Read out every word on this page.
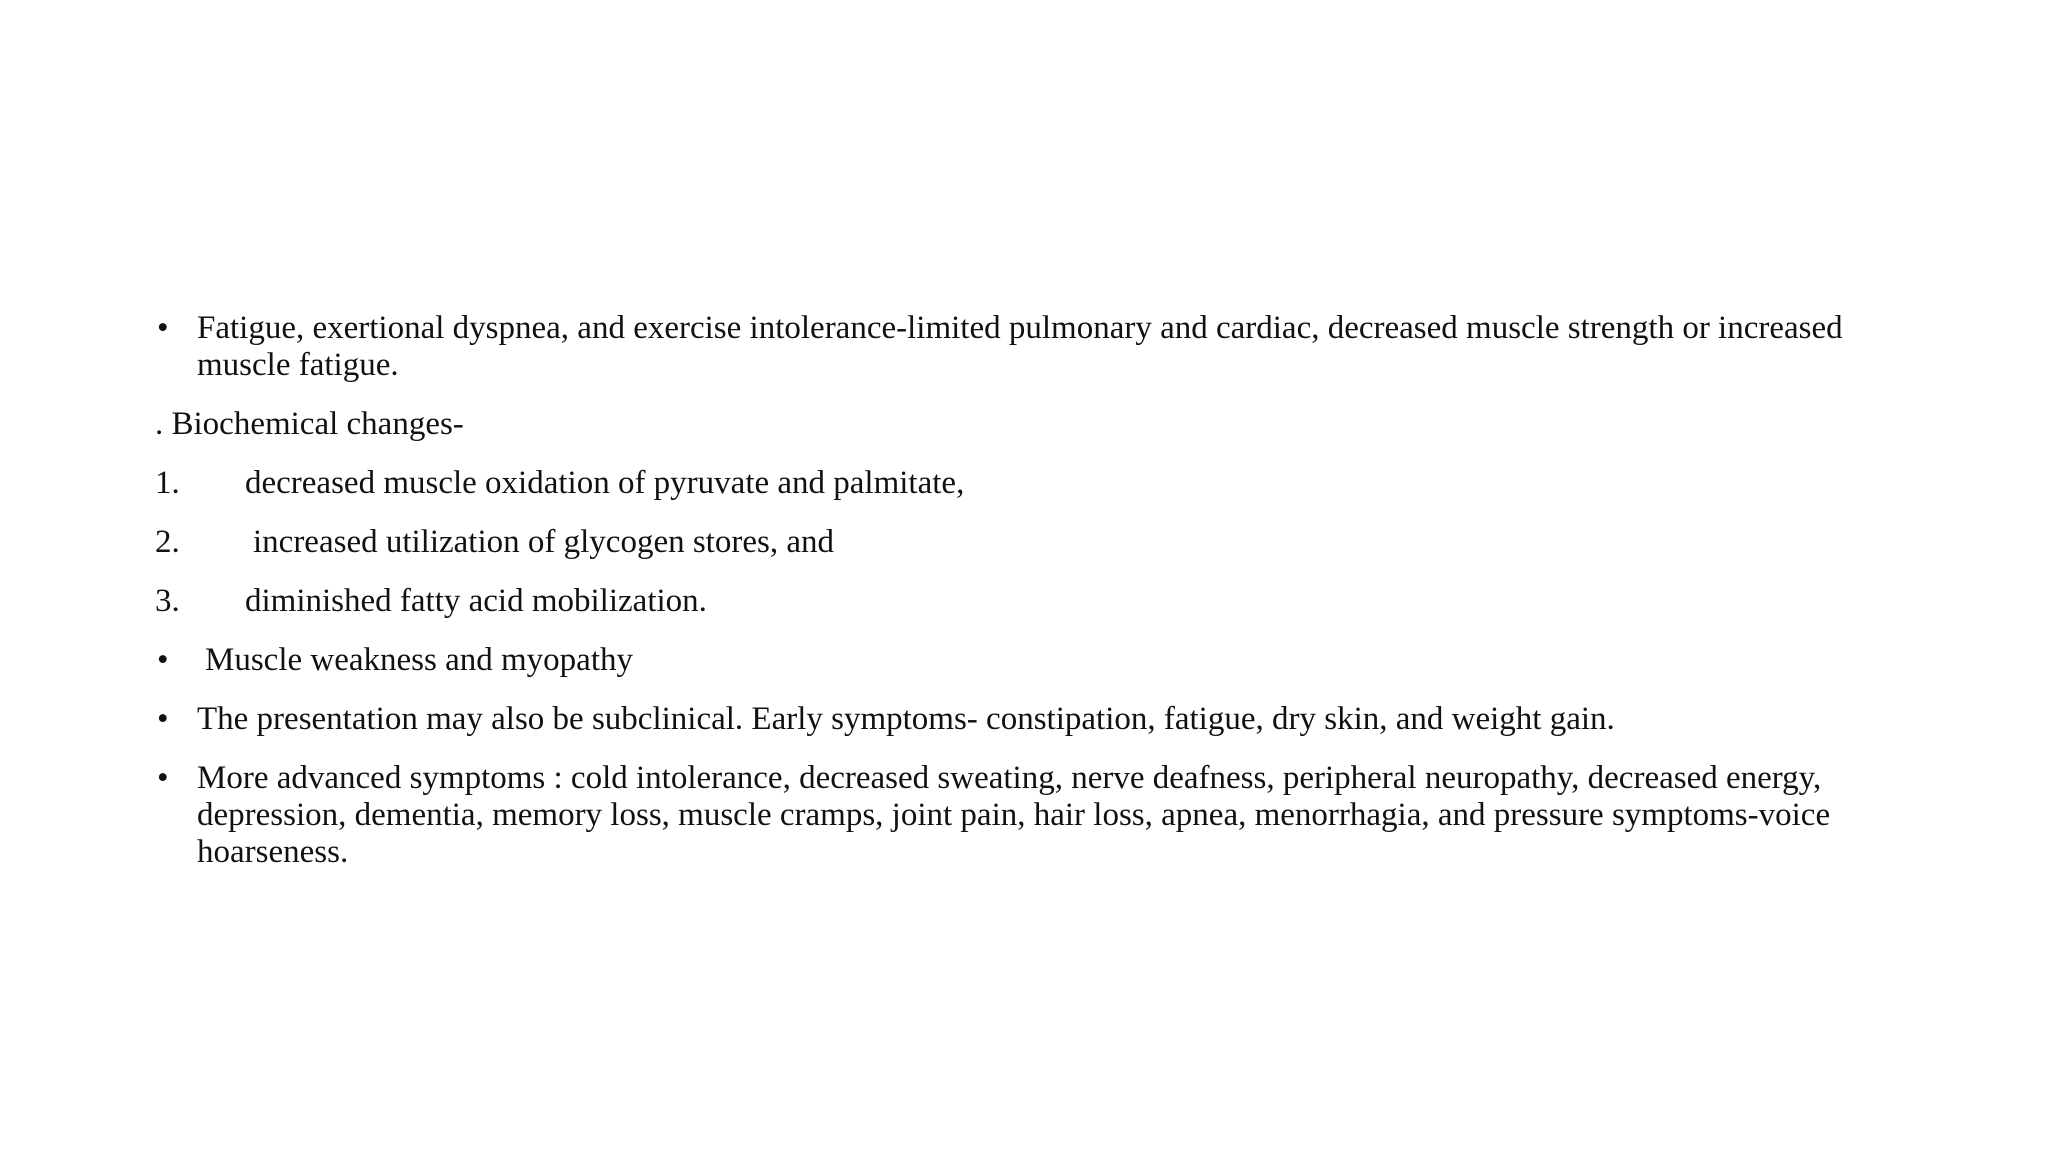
• Fatigue, exertional dyspnea, and exercise intolerance-limited pulmonary and cardiac, decreased muscle strength or increased muscle fatigue.
. Biochemical changes-
1. decreased muscle oxidation of pyruvate and palmitate,
2. increased utilization of glycogen stores, and
3. diminished fatty acid mobilization.
• Muscle weakness and myopathy
• The presentation may also be subclinical. Early symptoms- constipation, fatigue, dry skin, and weight gain.
• More advanced symptoms : cold intolerance, decreased sweating, nerve deafness, peripheral neuropathy, decreased energy, depression, dementia, memory loss, muscle cramps, joint pain, hair loss, apnea, menorrhagia, and pressure symptoms-voice hoarseness.
